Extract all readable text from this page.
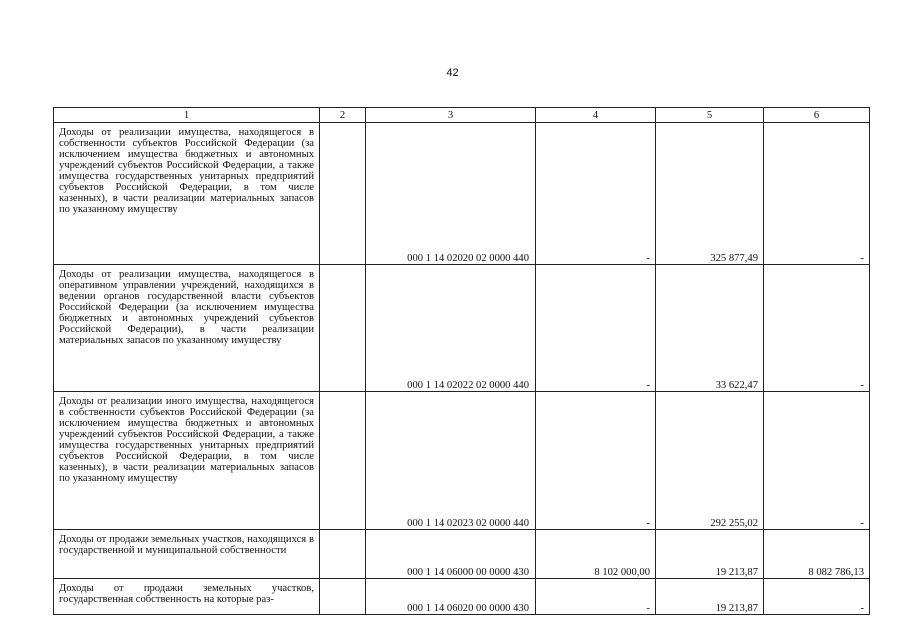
42
1	2	3	4	5	6
Доходы от реализации имущества, находящегося в собственности субъектов Российской Федерации (за исключением имущества бюджетных и автономных учреждений субъектов Российской Федерации, а также имущества государственных унитарных предприятий субъектов Российской Федерации, в том числе казенных), в части реализации материальных запасов по указанному имуществу		000 1 14 02020 02 0000 440	-	325 877,49	-
Доходы от реализации имущества, находящегося в оперативном управлении учреждений, находящихся в ведении органов государственной власти субъектов Российской Федерации (за исключением имущества бюджетных и автономных учреждений субъектов Российской Федерации), в части реализации материальных запасов по указанному имуществу		000 1 14 02022 02 0000 440	-	33 622,47	-
Доходы от реализации иного имущества, находящегося в собственности субъектов Российской Федерации (за исключением имущества бюджетных и автономных учреждений субъектов Российской Федерации, а также имущества государственных унитарных предприятий субъектов Российской Федерации, в том числе казенных), в части реализации материальных запасов по указанному имуществу		000 1 14 02023 02 0000 440	-	292 255,02	-
Доходы от продажи земельных участков, находящихся в государственной и муниципальной собственности		000 1 14 06000 00 0000 430	8 102 000,00	19 213,87	8 082 786,13
Доходы от продажи земельных участков, государственная собственность на которые раз-		000 1 14 06020 00 0000 430	-	19 213,87	-
